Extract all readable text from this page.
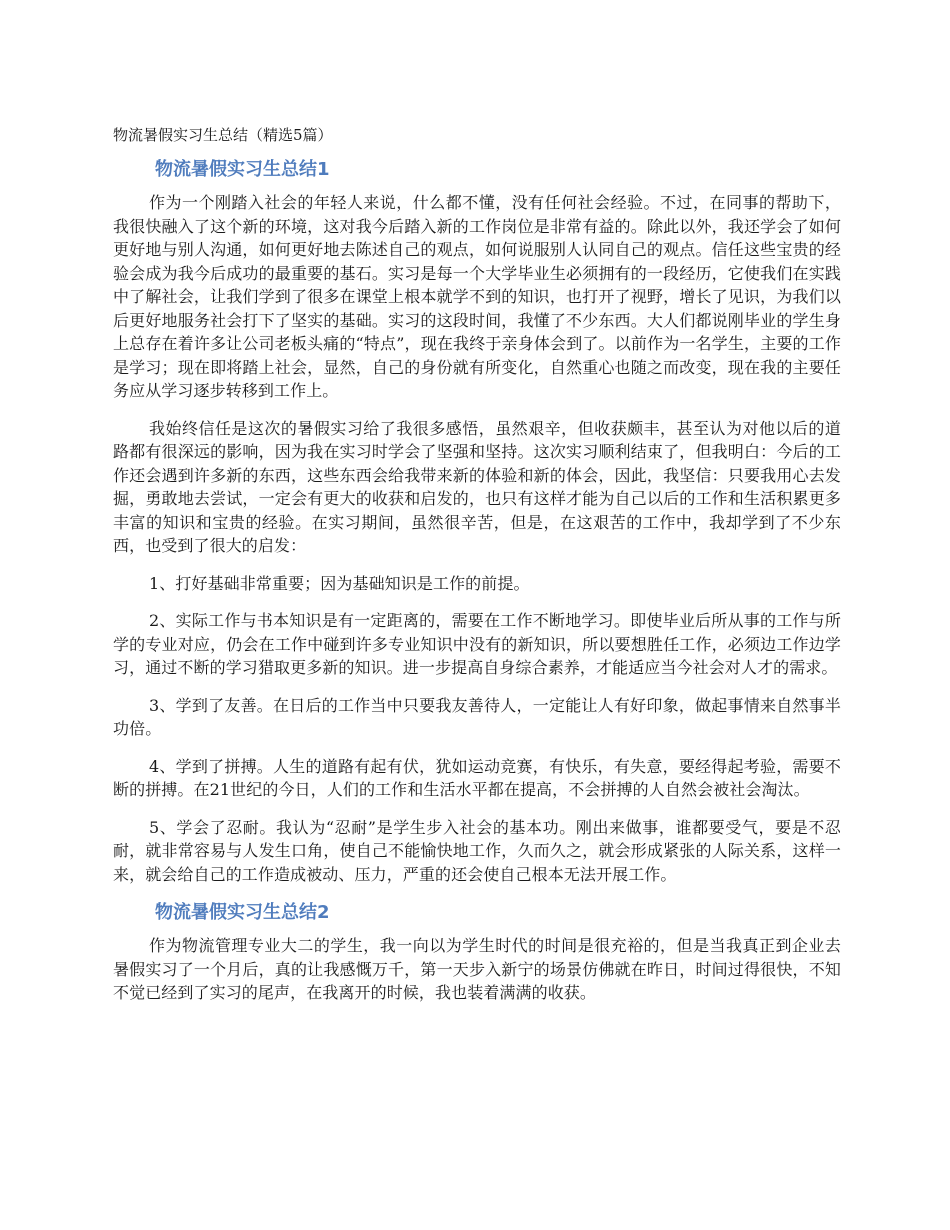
物流暑假实习生总结（精选5篇）
物流暑假实习生总结1

作为一个刚踏入社会的年轻人来说，什么都不懂，没有任何社会经验。不过，在同事的帮助下，我很快融入了这个新的环境，这对我今后踏入新的工作岗位是非常有益的。除此以外，我还学会了如何更好地与别人沟通，如何更好地去陈述自己的观点，如何说服别人认同自己的观点。信任这些宝贵的经验会成为我今后成功的最重要的基石。实习是每一个大学毕业生必须拥有的一段经历，它使我们在实践中了解社会，让我们学到了很多在课堂上根本就学不到的知识，也打开了视野，增长了见识，为我们以后更好地服务社会打下了坚实的基础。实习的这段时间，我懂了不少东西。大人们都说刚毕业的学生身上总存在着许多让公司老板头痛的“特点”，现在我终于亲身体会到了。以前作为一名学生，主要的工作是学习；现在即将踏上社会，显然，自己的身份就有所变化，自然重心也随之而改变，现在我的主要任务应从学习逐步转移到工作上。

我始终信任是这次的暑假实习给了我很多感悟，虽然艰辛，但收获颇丰，甚至认为对他以后的道路都有很深远的影响，因为我在实习时学会了坚强和坚持。这次实习顺利结束了，但我明白：今后的工作还会遇到许多新的东西，这些东西会给我带来新的体验和新的体会，因此，我坚信：只要我用心去发掘，勇敢地去尝试，一定会有更大的收获和启发的，也只有这样才能为自己以后的工作和生活积累更多丰富的知识和宝贵的经验。在实习期间，虽然很辛苦，但是，在这艰苦的工作中，我却学到了不少东西，也受到了很大的启发：

1、打好基础非常重要；因为基础知识是工作的前提。

2、实际工作与书本知识是有一定距离的，需要在工作不断地学习。即使毕业后所从事的工作与所学的专业对应，仍会在工作中碰到许多专业知识中没有的新知识，所以要想胜任工作，必须边工作边学习，通过不断的学习猎取更多新的知识。进一步提高自身综合素养，才能适应当今社会对人才的需求。

3、学到了友善。在日后的工作当中只要我友善待人，一定能让人有好印象，做起事情来自然事半功倍。

4、学到了拼搏。人生的道路有起有伏，犹如运动竞赛，有快乐，有失意，要经得起考验，需要不断的拼搏。在21世纪的今日，人们的工作和生活水平都在提高，不会拼搏的人自然会被社会淘汰。

5、学会了忍耐。我认为“忍耐”是学生步入社会的基本功。刚出来做事，谁都要受气，要是不忍耐，就非常容易与人发生口角，使自己不能愉快地工作，久而久之，就会形成紧张的人际关系，这样一来，就会给自己的工作造成被动、压力，严重的还会使自己根本无法开展工作。

物流暑假实习生总结2

作为物流管理专业大二的学生，我一向以为学生时代的时间是很充裕的，但是当我真正到企业去暑假实习了一个月后，真的让我感慨万千，第一天步入新宁的场景仿佛就在昨日，时间过得很快，不知不觉已经到了实习的尾声，在我离开的时候，我也装着满满的收获。
